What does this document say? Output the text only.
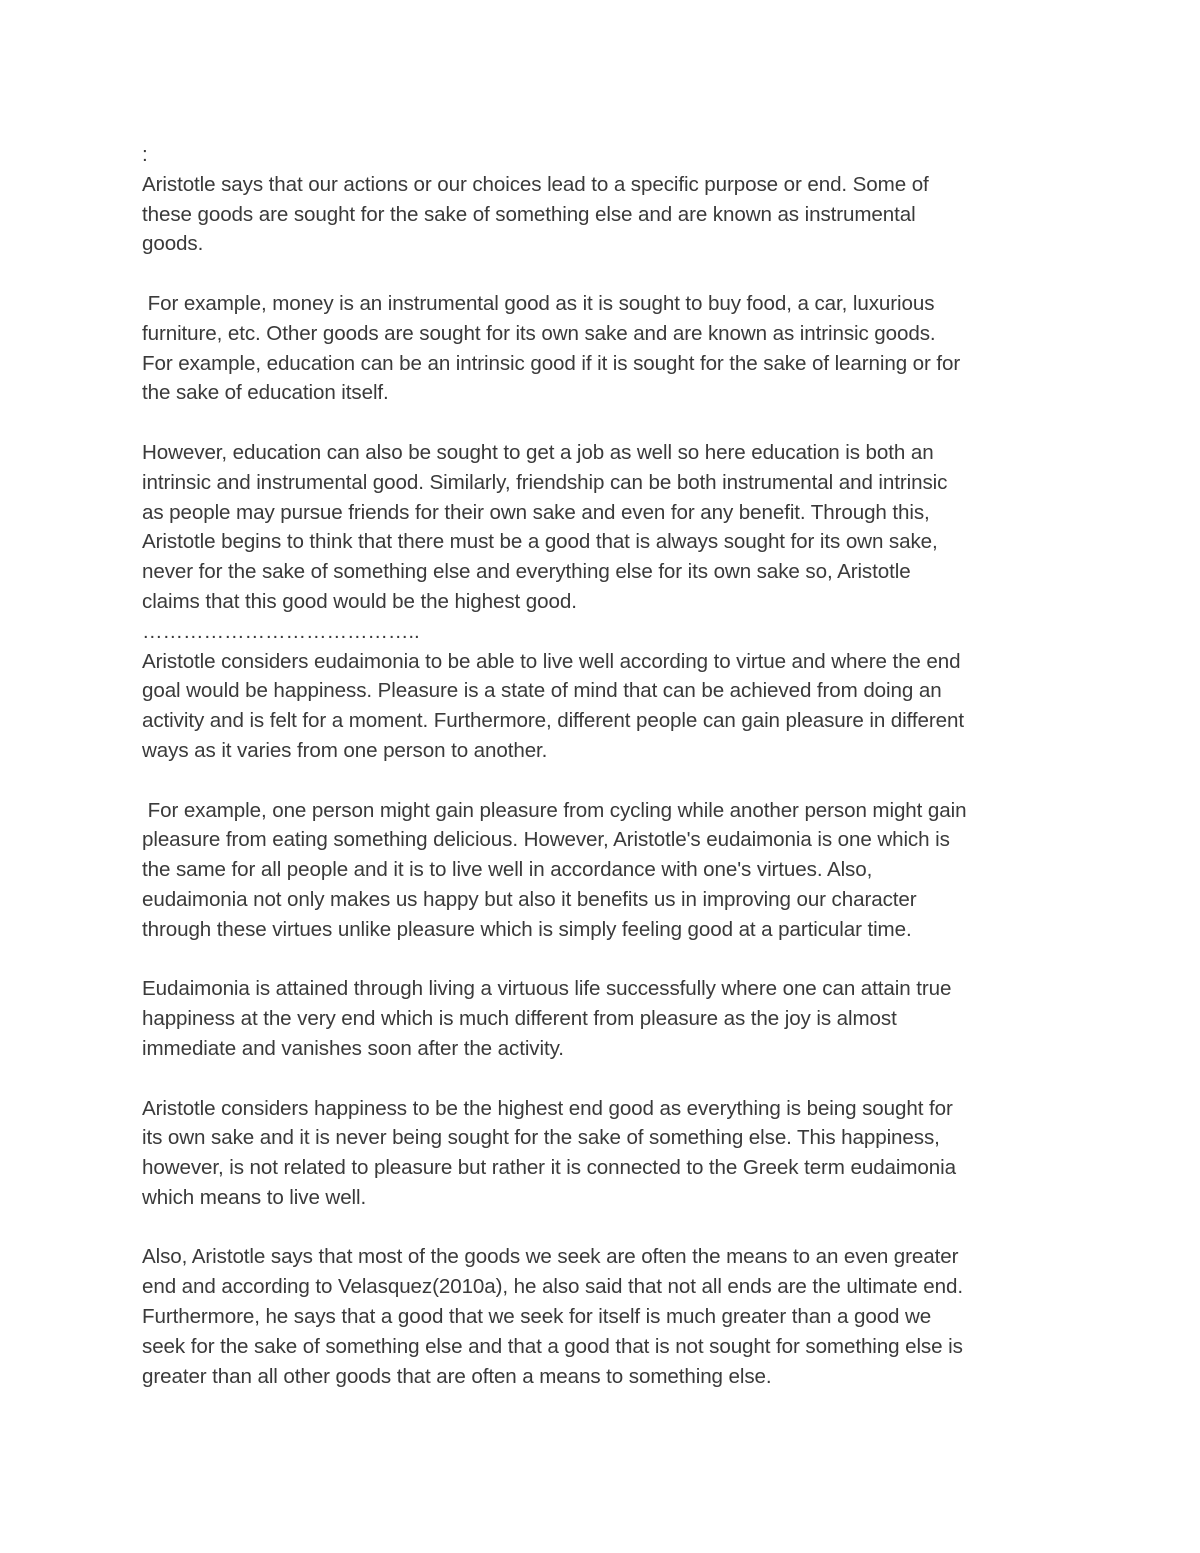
:
Aristotle says that our actions or our choices lead to a specific purpose or end. Some of
these goods are sought for the sake of something else and are known as instrumental
goods.
For example, money is an instrumental good as it is sought to buy food, a car, luxurious
furniture, etc. Other goods are sought for its own sake and are known as intrinsic goods.
For example, education can be an intrinsic good if it is sought for the sake of learning or for
the sake of education itself.
However, education can also be sought to get a job as well so here education is both an
intrinsic and instrumental good. Similarly, friendship can be both instrumental and intrinsic
as people may pursue friends for their own sake and even for any benefit. Through this,
Aristotle begins to think that there must be a good that is always sought for its own sake,
never for the sake of something else and everything else for its own sake so, Aristotle
claims that this good would be the highest good.
…………………………………..
Aristotle considers eudaimonia to be able to live well according to virtue and where the end
goal would be happiness. Pleasure is a state of mind that can be achieved from doing an
activity and is felt for a moment. Furthermore, different people can gain pleasure in different
ways as it varies from one person to another.
For example, one person might gain pleasure from cycling while another person might gain
pleasure from eating something delicious. However, Aristotle's eudaimonia is one which is
the same for all people and it is to live well in accordance with one's virtues. Also,
eudaimonia not only makes us happy but also it benefits us in improving our character
through these virtues unlike pleasure which is simply feeling good at a particular time.
Eudaimonia is attained through living a virtuous life successfully where one can attain true
happiness at the very end which is much different from pleasure as the joy is almost
immediate and vanishes soon after the activity.
Aristotle considers happiness to be the highest end good as everything is being sought for
its own sake and it is never being sought for the sake of something else. This happiness,
however, is not related to pleasure but rather it is connected to the Greek term eudaimonia
which means to live well.
Also, Aristotle says that most of the goods we seek are often the means to an even greater
end and according to Velasquez(2010a), he also said that not all ends are the ultimate end.
Furthermore, he says that a good that we seek for itself is much greater than a good we
seek for the sake of something else and that a good that is not sought for something else is
greater than all other goods that are often a means to something else.
